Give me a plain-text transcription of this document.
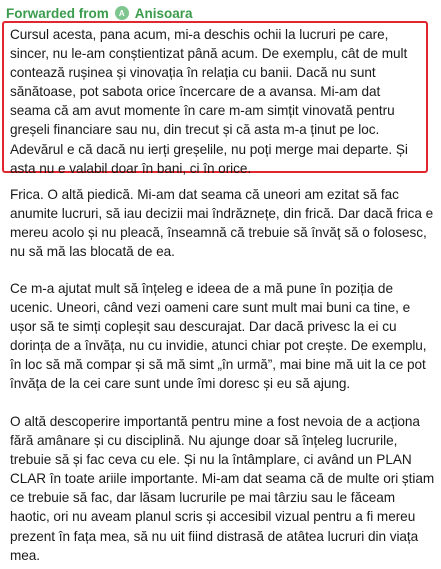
Forwarded from	A Anisoara

Cursul acesta, pana acum, mi-a deschis ochii la lucruri pe care, sincer, nu le-am conștientizat până acum. De exemplu, cât de mult contează rușinea și vinovația în relația cu banii. Dacă nu sunt sănătoase, pot sabota orice încercare de a avansa. Mi-am dat seama că am avut momente în care m-am simțit vinovată pentru greșeli financiare sau nu, din trecut și că asta m-a ținut pe loc. Adevărul e că dacă nu ierți greșelile, nu poți merge mai departe. Și asta nu e valabil doar în bani, ci în orice.

Frica. O altă piedică. Mi-am dat seama că uneori am ezitat să fac anumite lucruri, să iau decizii mai îndrăznețe, din frică. Dar dacă frica e mereu acolo și nu pleacă, înseamnă că trebuie să învăț să o folosesc, nu să mă las blocată de ea.

Ce m-a ajutat mult să înțeleg e ideea de a mă pune în poziția de ucenic. Uneori, când vezi oameni care sunt mult mai buni ca tine, e ușor să te simți copleșit sau descurajat. Dar dacă privesc la ei cu dorința de a învăța, nu cu invidie, atunci chiar pot crește. De exemplu, în loc să mă compar și să mă simt „în urmă”, mai bine mă uit la ce pot învăța de la cei care sunt unde îmi doresc și eu să ajung.

O altă descoperire importantă pentru mine a fost nevoia de a acționa fără amânare și cu disciplină. Nu ajunge doar să înțeleg lucrurile, trebuie să și fac ceva cu ele. Și nu la întâmplare, ci având un PLAN CLAR în toate ariile importante. Mi-am dat seama că de multe ori știam ce trebuie să fac, dar lăsam lucrurile pe mai târziu sau le făceam haotic, ori nu aveam planul scris și accesibil vizual pentru a fi mereu prezent în fața mea, să nu uit fiind distrasă de atâtea lucruri din viața mea.
